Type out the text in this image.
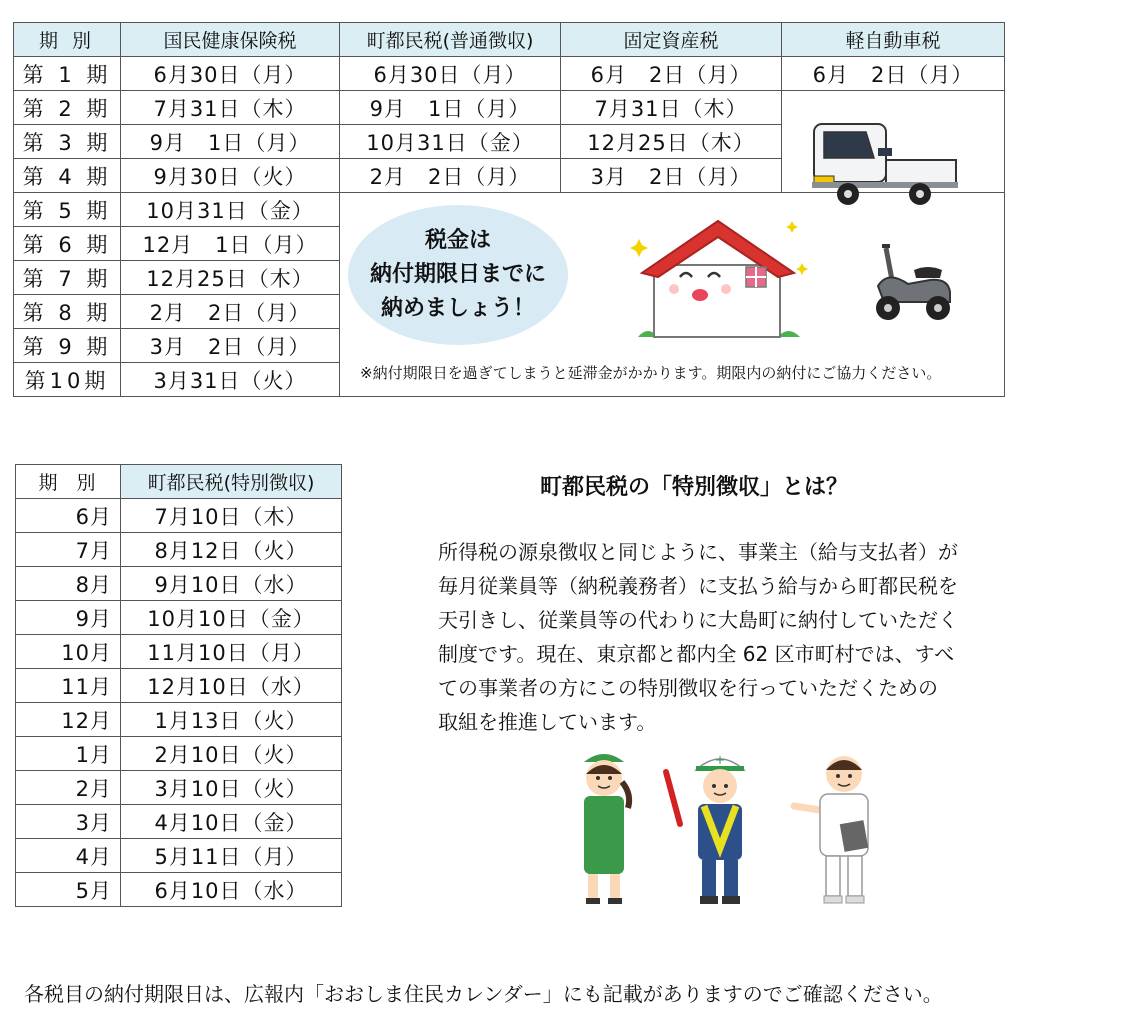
期 別	国民健康保険税	町都民税(普通徴収)	固定資産税	軽自動車税
第 1 期	6月30日（月）	6月30日（月）	6月　2日（月）	6月　2日（月）
第 2 期	7月31日（木）	9月　1日（月）	7月31日（木）	
第 3 期	9月　1日（月）	10月31日（金）	12月25日（木）	
第 4 期	9月30日（火）	2月　2日（月）	3月　2日（月）	
第 5 期	10月31日（金）			
第 6 期	12月　1日（月）			
第 7 期	12月25日（木）			
第 8 期	2月　2日（月）			
第 9 期	3月　2日（月）			
第10期	3月31日（火）			
税金は
納付期限日までに
納めましょう！
※納付期限日を過ぎてしまうと延滞金がかかります。期限内の納付にご協力ください。
期　別	町都民税(特別徴収)
6月	7月10日（木）
7月	8月12日（火）
8月	9月10日（水）
9月	10月10日（金）
10月	11月10日（月）
11月	12月10日（水）
12月	1月13日（火）
1月	2月10日（火）
2月	3月10日（火）
3月	4月10日（金）
4月	5月11日（月）
5月	6月10日（水）
町都民税の「特別徴収」とは？
所得税の源泉徴収と同じように、事業主（給与支払者）が
毎月従業員等（納税義務者）に支払う給与から町都民税を
天引きし、従業員等の代わりに大島町に納付していただく
制度です。現在、東京都と都内全 62 区市町村では、すべ
ての事業者の方にこの特別徴収を行っていただくための
取組を推進しています。
+
各税目の納付期限日は、広報内「おおしま住民カレンダー」にも記載がありますのでご確認ください。
